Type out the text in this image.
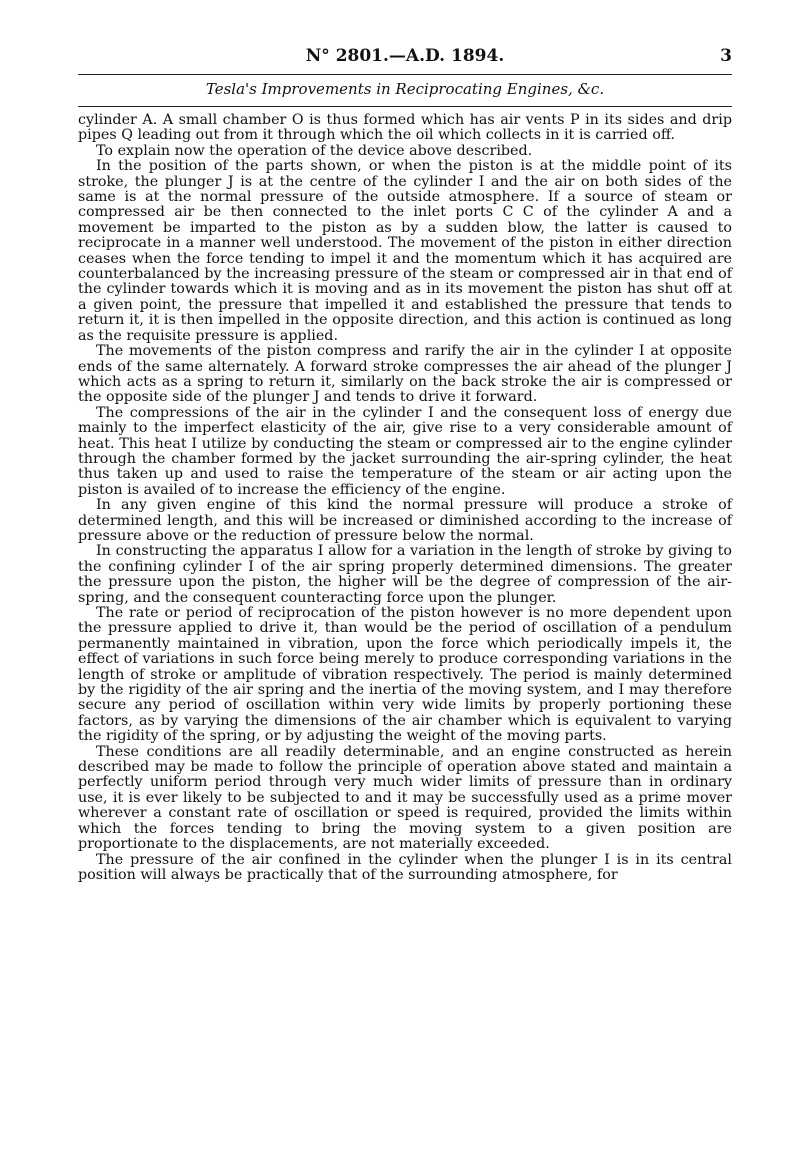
N° 2801.—A.D. 1894.	3
Tesla's Improvements in Reciprocating Engines, &c.

cylinder A. A small chamber O is thus formed which has air vents P in its sides and drip pipes Q leading out from it through which the oil which collects in it is carried off.

To explain now the operation of the device above described.

In the position of the parts shown, or when the piston is at the middle point of its stroke, the plunger J is at the centre of the cylinder I and the air on both sides of the same is at the normal pressure of the outside atmosphere. If a source of steam or compressed air be then connected to the inlet ports C C of the cylinder A and a movement be imparted to the piston as by a sudden blow, the latter is caused to reciprocate in a manner well understood. The movement of the piston in either direction ceases when the force tending to impel it and the momentum which it has acquired are counterbalanced by the increasing pressure of the steam or compressed air in that end of the cylinder towards which it is moving and as in its movement the piston has shut off at a given point, the pressure that impelled it and established the pressure that tends to return it, it is then impelled in the opposite direction, and this action is continued as long as the requisite pressure is applied.

The movements of the piston compress and rarify the air in the cylinder I at opposite ends of the same alternately. A forward stroke compresses the air ahead of the plunger J which acts as a spring to return it, similarly on the back stroke the air is compressed or the opposite side of the plunger J and tends to drive it forward.

The compressions of the air in the cylinder I and the consequent loss of energy due mainly to the imperfect elasticity of the air, give rise to a very considerable amount of heat. This heat I utilize by conducting the steam or compressed air to the engine cylinder through the chamber formed by the jacket surrounding the air-spring cylinder, the heat thus taken up and used to raise the temperature of the steam or air acting upon the piston is availed of to increase the efficiency of the engine.

In any given engine of this kind the normal pressure will produce a stroke of determined length, and this will be increased or diminished according to the increase of pressure above or the reduction of pressure below the normal.

In constructing the apparatus I allow for a variation in the length of stroke by giving to the confining cylinder I of the air spring properly determined dimensions. The greater the pressure upon the piston, the higher will be the degree of compression of the air-spring, and the consequent counteracting force upon the plunger.

The rate or period of reciprocation of the piston however is no more dependent upon the pressure applied to drive it, than would be the period of oscillation of a pendulum permanently maintained in vibration, upon the force which periodically impels it, the effect of variations in such force being merely to produce corresponding variations in the length of stroke or amplitude of vibration respectively. The period is mainly determined by the rigidity of the air spring and the inertia of the moving system, and I may therefore secure any period of oscillation within very wide limits by properly portioning these factors, as by varying the dimensions of the air chamber which is equivalent to varying the rigidity of the spring, or by adjusting the weight of the moving parts.

These conditions are all readily determinable, and an engine constructed as herein described may be made to follow the principle of operation above stated and maintain a perfectly uniform period through very much wider limits of pressure than in ordinary use, it is ever likely to be subjected to and it may be successfully used as a prime mover wherever a constant rate of oscillation or speed is required, provided the limits within which the forces tending to bring the moving system to a given position are proportionate to the displacements, are not materially exceeded.

The pressure of the air confined in the cylinder when the plunger I is in its central position will always be practically that of the surrounding atmosphere, for
